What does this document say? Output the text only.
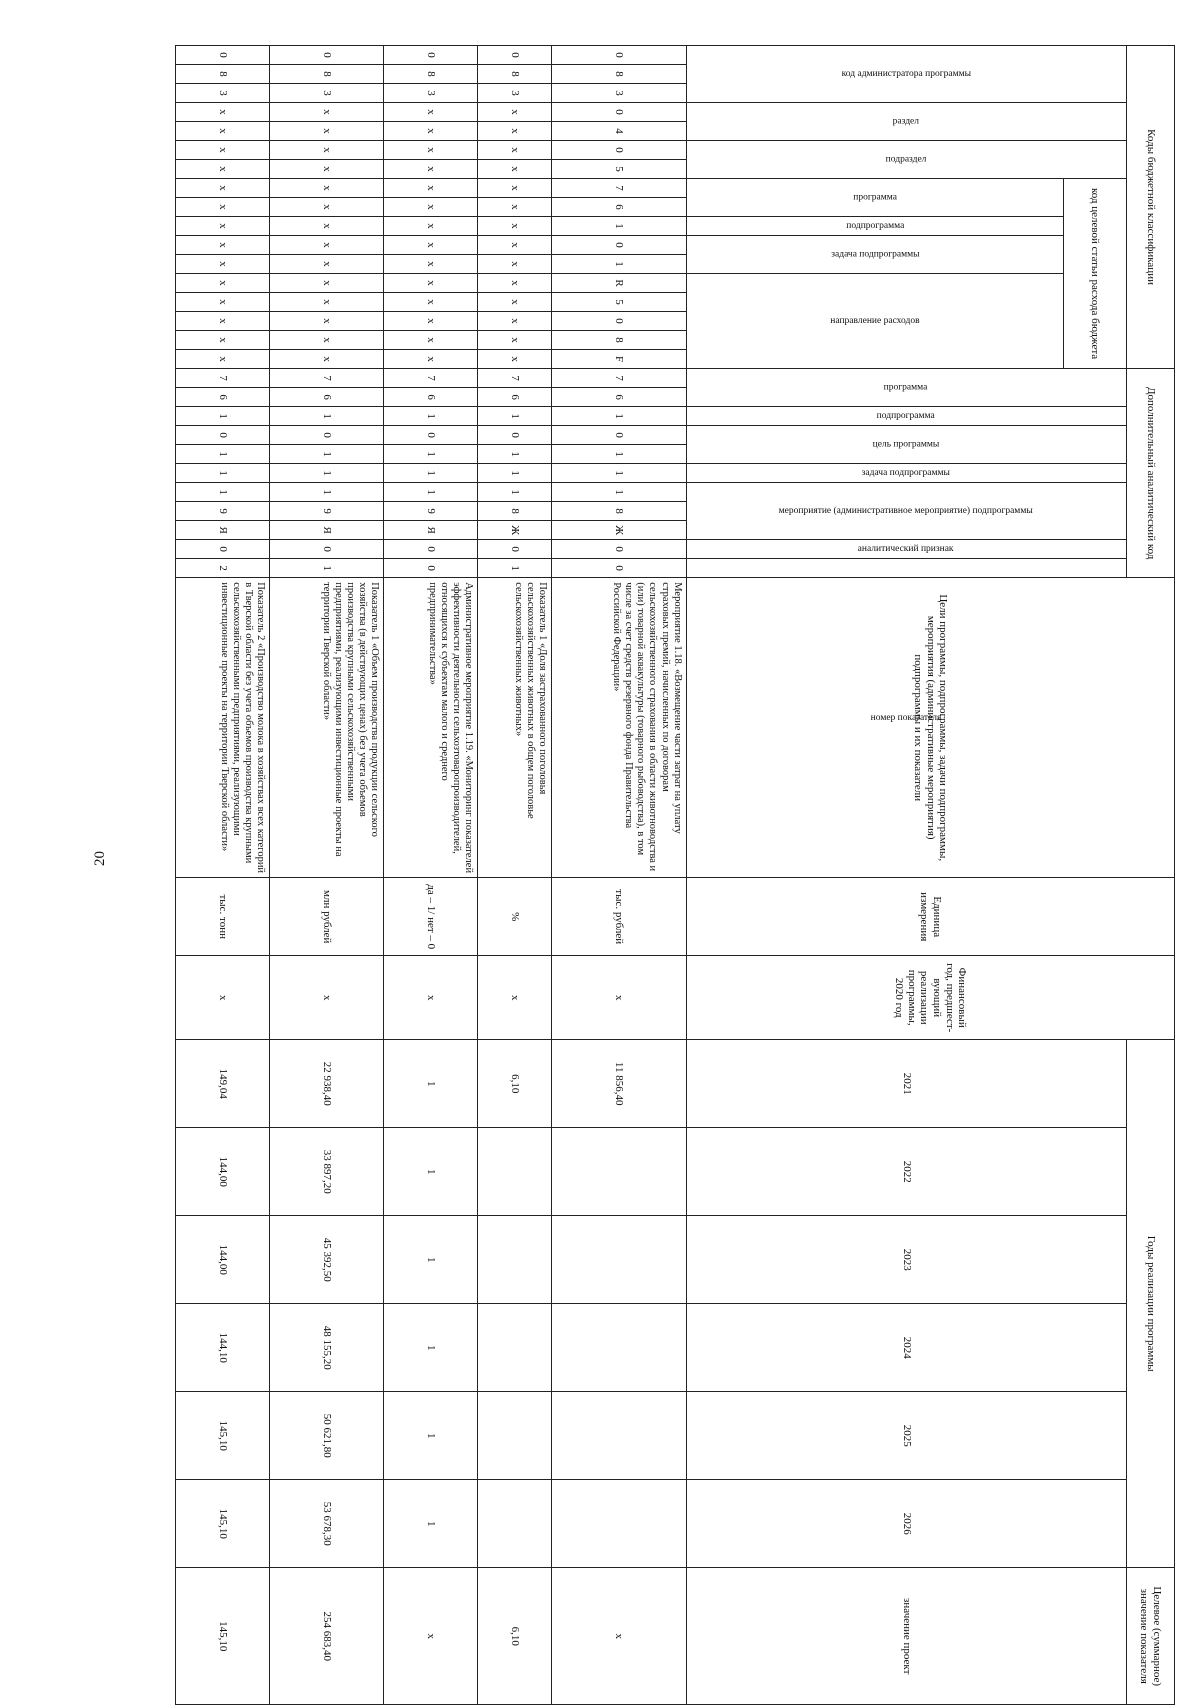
20
Коды бюджетной классификации																	Дополнительный аналитический код											Цели программы, подпрограммы, задачи подпрограммы, мероприятия (административные мероприятия) подпрограммы и их показатели	Единица измерения	Финансовый год, предшест-вующий реализации программы, 2020 год	Годы реализации программы						Целевое (суммарное) значение показателя
код администратора программы			раздел		подраздел		код целевой статьи расхода бюджета										программа		подпрограмма	цель программы		задача подпрограммы	мероприятие (административное мероприятие) подпрограммы			аналитический признак	номер показателя				2021	2022	2023	2024	2025	2026	значение проект
							программа		подпрограмма	задача подпрограммы		направление расходов																									
0	8	3	0	4	0	5	7	6	1	0	1	R	5	0	8	F	7	6	1	0	1	1	1	8	Ж	0	0	Мероприятие 1.18. «Возмещение части затрат на уплату страховых премий, начисленных по договорам сельскохозяйственного страхования в области животноводства и (или) товарной аквакультуры (товарного рыбоводства), в том числе за счет средств резервного фонда Правительства Российской Федерации»	тыс. рублей	х	11 856,40						х
0	8	3	х	х	х	х	х	х	х	х	х	х	х	х	х	х	7	6	1	0	1	1	1	8	Ж	0	1	Показатель 1 «Доля застрахованного поголовья сельскохозяйственных животных в общем поголовье сельскохозяйственных животных»	%	х	6,10						6,10
0	8	3	х	х	х	х	х	х	х	х	х	х	х	х	х	х	7	6	1	0	1	1	1	9	Я	0	0	Административное мероприятие 1.19. «Мониторинг показателей эффективности деятельности сельхозтоваропроизводителей, относящихся к субъектам малого и среднего предпринимательства»	да – 1/ нет – 0	х	1	1	1	1	1	1	х
0	8	3	х	х	х	х	х	х	х	х	х	х	х	х	х	х	7	6	1	0	1	1	1	9	Я	0	1	Показатель 1 «Объем производства продукции сельского хозяйства (в действующих ценах) без учета объемов производства крупными сельскохозяйственными предприятиями, реализующими инвестиционные проекты на территории Тверской области»	млн рублей	х	22 938,40	33 897,20	45 392,50	48 155,20	50 621,80	53 678,30	254 683,40
0	8	3	х	х	х	х	х	х	х	х	х	х	х	х	х	х	7	6	1	0	1	1	1	9	Я	0	2	Показатель 2 «Производство молока в хозяйствах всех категорий в Тверской области без учета объемов производства крупными сельскохозяйственными предприятиями, реализующими инвестиционные проекты на территории Тверской области»	тыс. тонн	х	149,04	144,00	144,00	144,10	145,10	145,10	145,10
